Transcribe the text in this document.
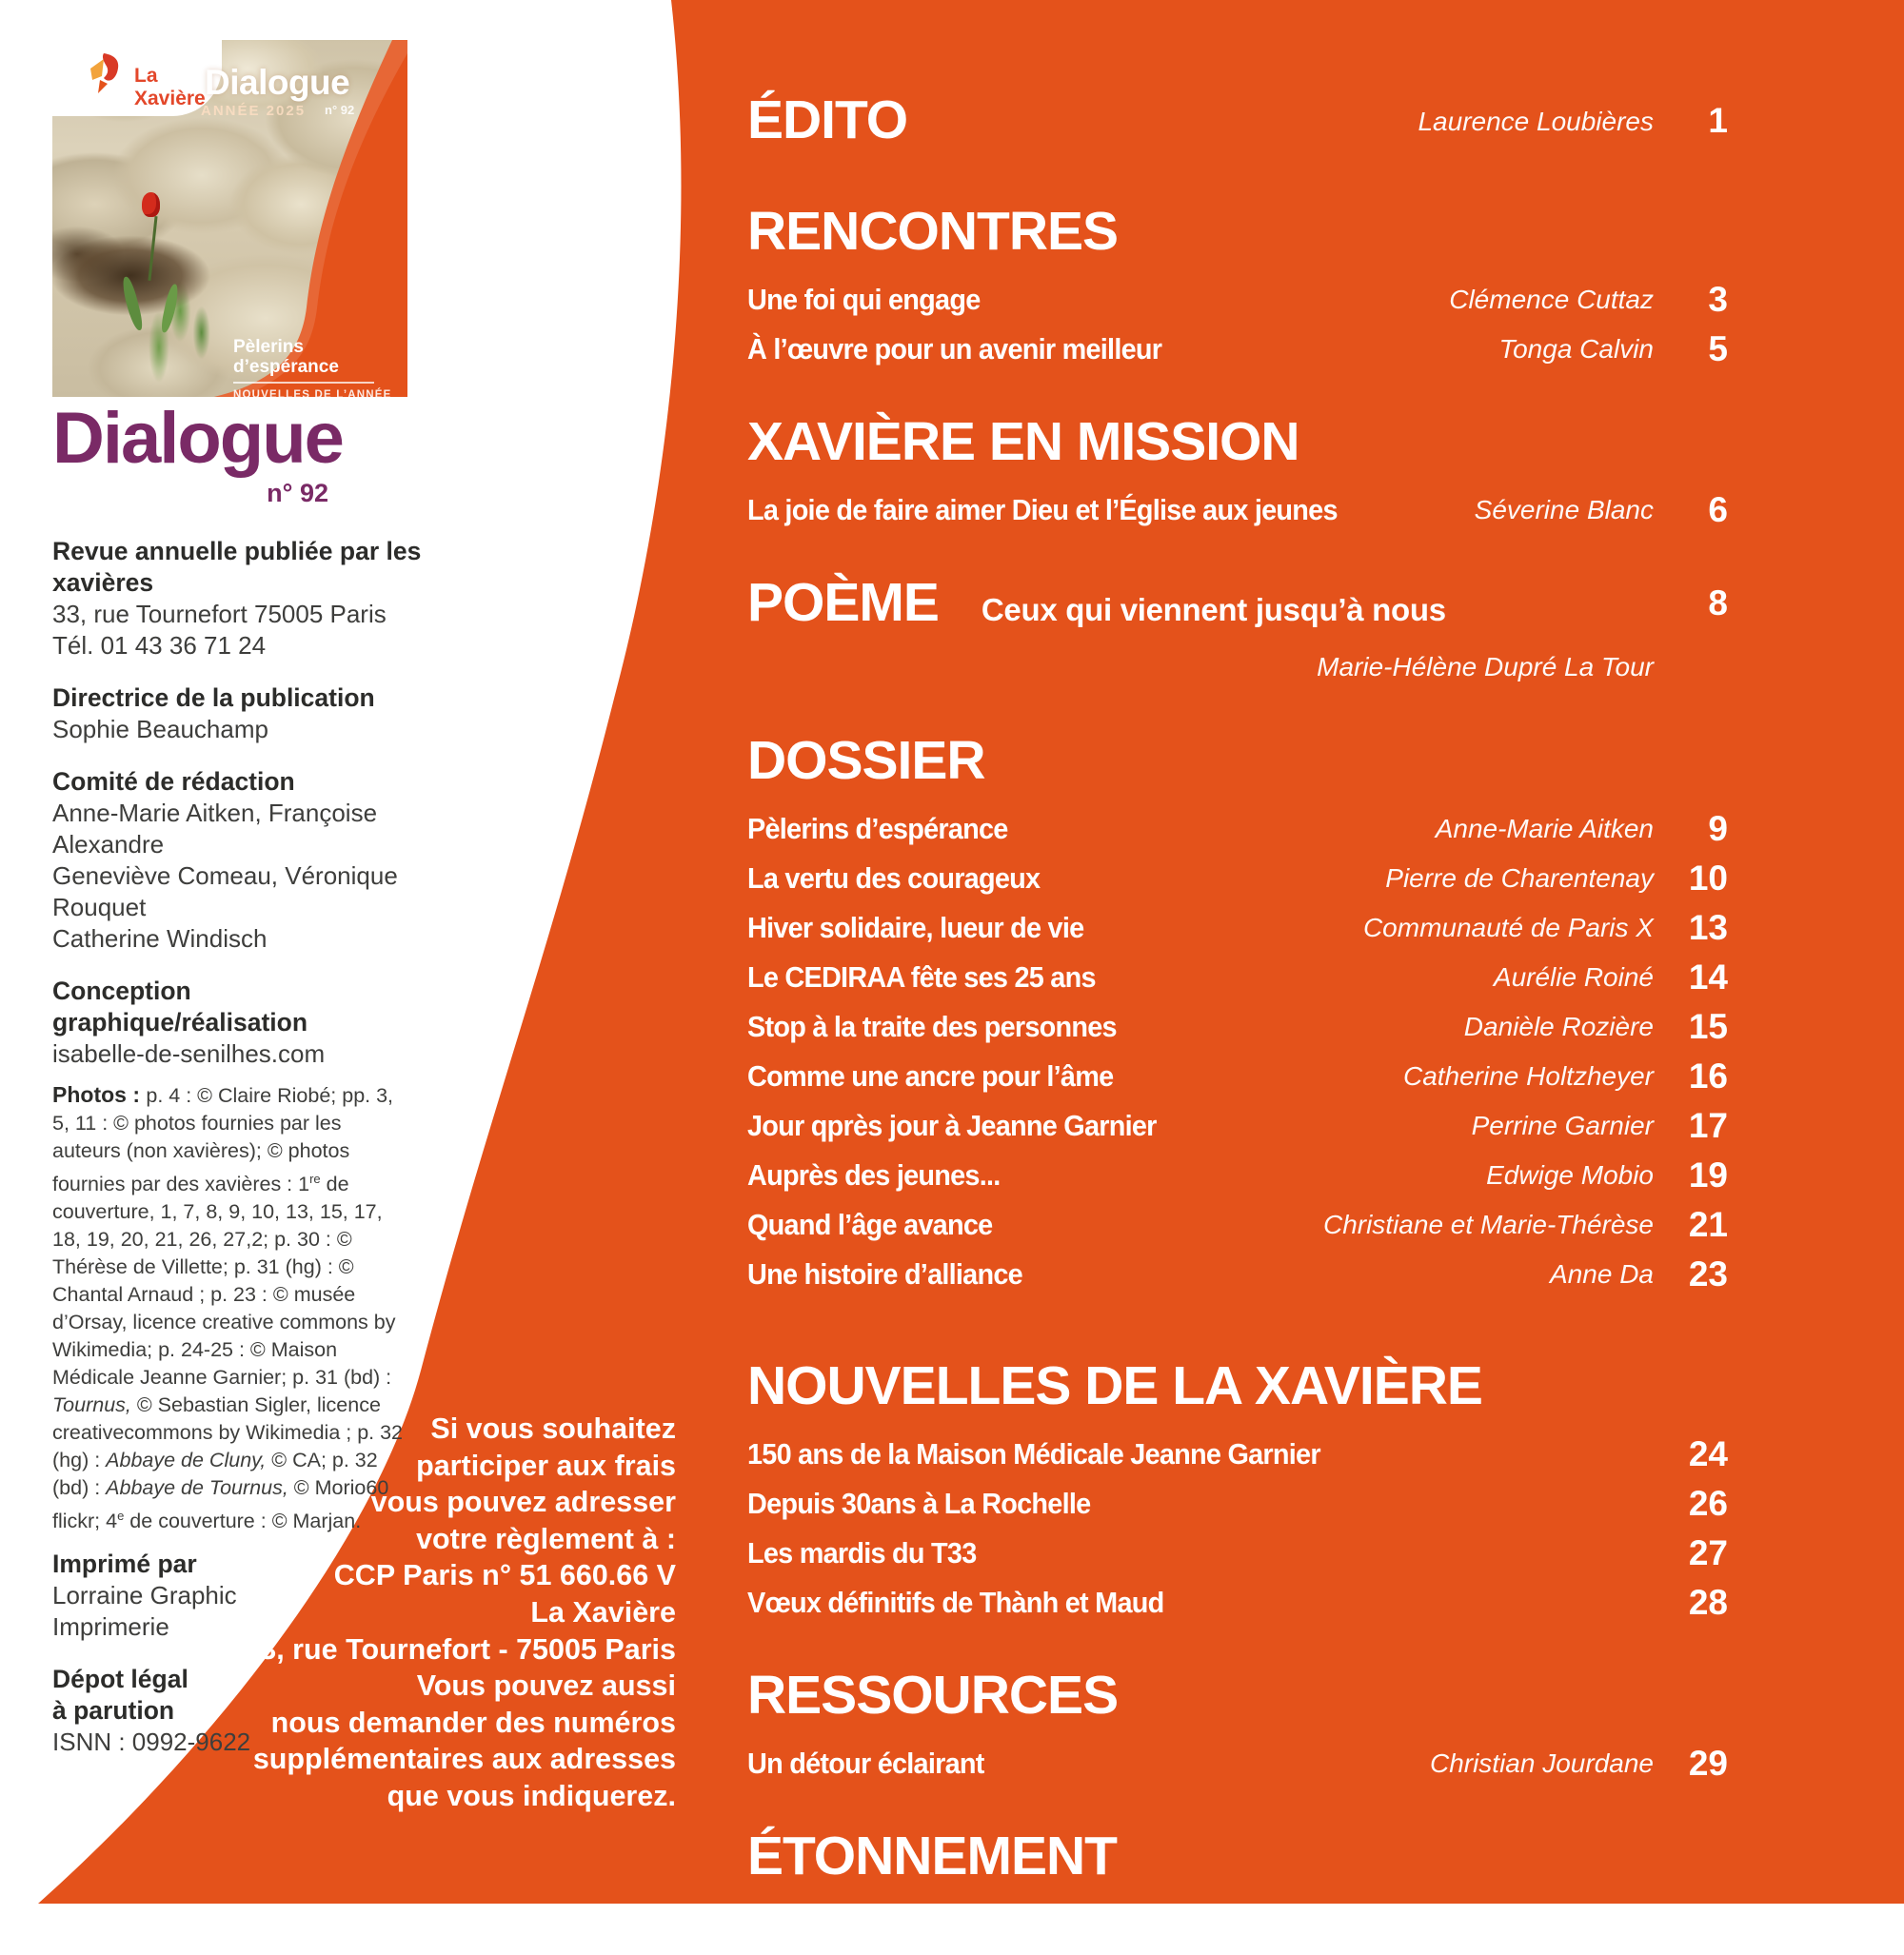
La Xavière Dialogue
ANNÉE 2025 n° 92
Pèlerins
d’espérance
NOUVELLES DE L’ANNÉE
Dialogue
n° 92
Revue annuelle publiée par les xavières
33, rue Tournefort 75005 Paris
Tél. 01 43 36 71 24
Directrice de la publication
Sophie Beauchamp
Comité de rédaction
Anne-Marie Aitken, Françoise Alexandre
Geneviève Comeau, Véronique Rouquet
Catherine Windisch
Conception graphique/réalisation
isabelle-de-senilhes.com
Photos : p. 4 : © Claire Riobé; pp. 3, 5, 11 : © photos fournies par les auteurs (non xavières); © photos fournies par des xavières : 1re de couverture, 1, 7, 8, 9, 10, 13, 15, 17, 18, 19, 20, 21, 26, 27,2; p. 30 : © Thérèse de Villette; p. 31 (hg) : © Chantal Arnaud ; p. 23 : © musée d’Orsay, licence creative commons by Wikimedia; p. 24-25 : © Maison Médicale Jeanne Garnier; p. 31 (bd) : Tournus, © Sebastian Sigler, licence creativecommons by Wikimedia ; p. 32 (hg) : Abbaye de Cluny, © CA; p. 32 (bd) : Abbaye de Tournus, © Morio60 flickr; 4e de couverture : © Marjan.
Imprimé par
Lorraine Graphic
Imprimerie
Dépot légal
à parution
ISNN : 0992-9622
Si vous souhaitez
participer aux frais
vous pouvez adresser
votre règlement à :
CCP Paris n° 51 660.66 V
La Xavière
33, rue Tournefort - 75005 Paris
Vous pouvez aussi
nous demander des numéros
supplémentaires aux adresses
que vous indiquerez.
ÉDITO	Laurence Loubières	1
RENCONTRES
Une foi qui engage	Clémence Cuttaz	3
À l’œuvre pour un avenir meilleur	Tonga Calvin	5
XAVIÈRE EN MISSION
La joie de faire aimer Dieu et l’Église aux jeunes	Séverine Blanc	6
POÈME Ceux qui viennent jusqu’à nous	8
Marie-Hélène Dupré La Tour
DOSSIER
Pèlerins d’espérance	Anne-Marie Aitken	9
La vertu des courageux	Pierre de Charentenay 10
Hiver solidaire, lueur de vie	Communauté de Paris X 13
Le CEDIRAA fête ses 25 ans	Aurélie Roiné 14
Stop à la traite des personnes	Danièle Rozière 15
Comme une ancre pour l’âme	Catherine Holtzheyer 16
Jour qprès jour à Jeanne Garnier	Perrine Garnier 17
Auprès des jeunes...	Edwige Mobio 19
Quand l’âge avance	Christiane et Marie-Thérèse 21
Une histoire d’alliance	Anne Da 23
NOUVELLES DE LA XAVIÈRE
150 ans de la Maison Médicale Jeanne Garnier	24
Depuis 30ans à La Rochelle	26
Les mardis du T33	27
Vœux définitifs de Thành et Maud	28
RESSOURCES
Un détour éclairant	Christian Jourdane 29
ÉTONNEMENT
Apporter sa pierre à l’édifice	Chantal Arnaud 31
